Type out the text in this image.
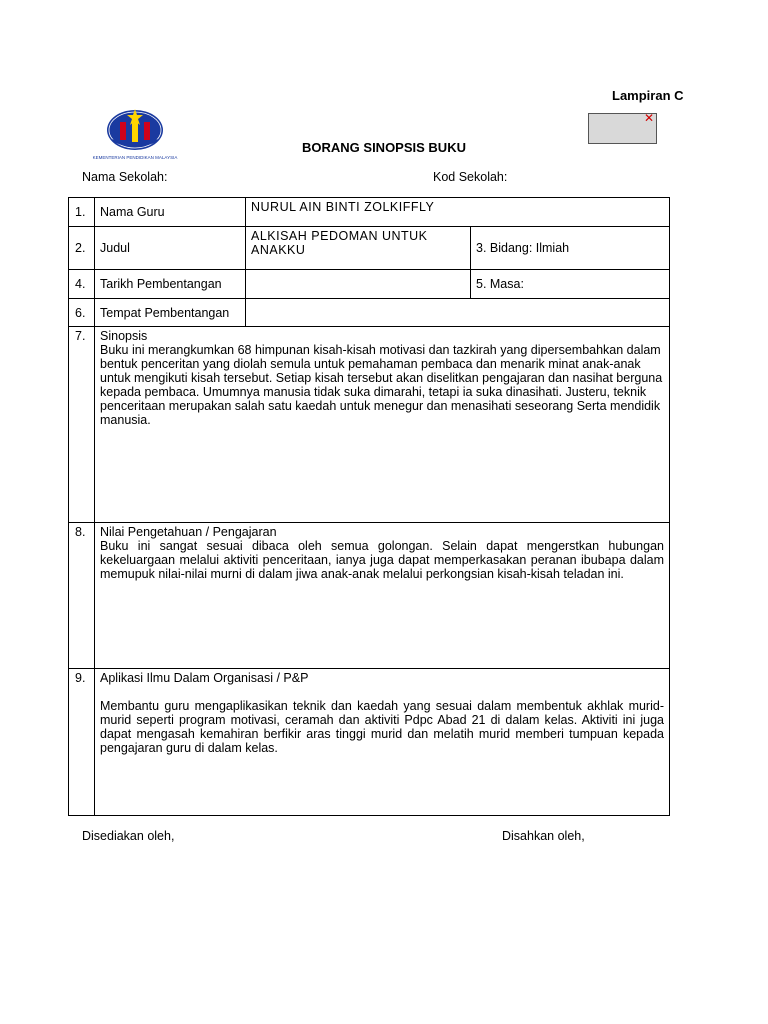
Lampiran C
✕
KEMENTERIAN PENDIDIKAN MALAYSIA
BORANG SINOPSIS BUKU
Nama Sekolah:	Kod Sekolah:
1.	Nama Guru	NURUL AIN BINTI ZOLKIFFLY	
2.	Judul	ALKISAH PEDOMAN UNTUK ANAKKU	3. Bidang: Ilmiah
4.	Tarikh Pembentangan		5. Masa:
6.	Tempat Pembentangan		
7.	Sinopsis
Buku ini merangkumkan 68 himpunan kisah-kisah motivasi dan tazkirah yang dipersembahkan dalam bentuk penceritan yang diolah semula untuk pemahaman pembaca dan menarik minat anak-anak untuk mengikuti kisah tersebut. Setiap kisah tersebut akan diselitkan pengajaran dan nasihat berguna kepada pembaca. Umumnya manusia tidak suka dimarahi, tetapi ia suka dinasihati. Justeru, teknik penceritaan merupakan salah satu kaedah untuk menegur dan menasihati seseorang Serta mendidik manusia.		

8.	Nilai Pengetahuan / Pengajaran
Buku ini sangat sesuai dibaca oleh semua golongan. Selain dapat mengerstkan hubungan kekeluargaan melalui aktiviti penceritaan, ianya juga dapat memperkasakan peranan ibubapa dalam memupuk nilai-nilai murni di dalam jiwa anak-anak melalui perkongsian kisah-kisah teladan ini.		

9.	Aplikasi Ilmu Dalam Organisasi / P&P
Membantu guru mengaplikasikan teknik dan kaedah yang sesuai dalam membentuk akhlak murid-murid seperti program motivasi, ceramah dan aktiviti Pdpc Abad 21 di dalam kelas. Aktiviti ini juga dapat mengasah kemahiran berfikir aras tinggi murid dan melatih murid memberi tumpuan kepada pengajaran guru di dalam kelas.		
Disediakan oleh,	Disahkan oleh,
